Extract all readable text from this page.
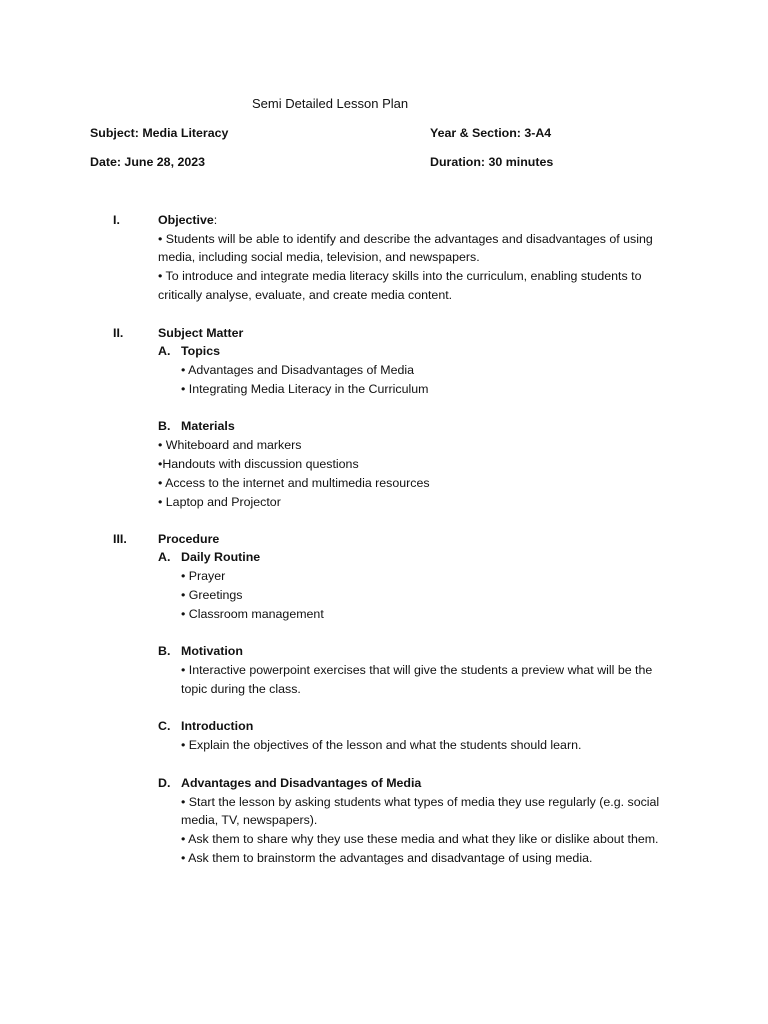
Semi Detailed Lesson Plan
Subject: Media Literacy	Year & Section: 3-A4
Date: June 28, 2023	Duration: 30 minutes
I.	Objective:
• Students will be able to identify and describe the advantages and disadvantages of using
media, including social media, television, and newspapers.
• To introduce and integrate media literacy skills into the curriculum, enabling students to
critically analyse, evaluate, and create media content.
II.	Subject Matter
A. Topics
• Advantages and Disadvantages of Media
• Integrating Media Literacy in the Curriculum
B. Materials
• Whiteboard and markers
•Handouts with discussion questions
• Access to the internet and multimedia resources
• Laptop and Projector
III.	Procedure
A. Daily Routine
• Prayer
• Greetings
• Classroom management
B. Motivation
• Interactive powerpoint exercises that will give the students a preview what will be the
topic during the class.
C. Introduction
• Explain the objectives of the lesson and what the students should learn.
D. Advantages and Disadvantages of Media
• Start the lesson by asking students what types of media they use regularly (e.g. social
media, TV, newspapers).
• Ask them to share why they use these media and what they like or dislike about them.
• Ask them to brainstorm the advantages and disadvantage of using media.
